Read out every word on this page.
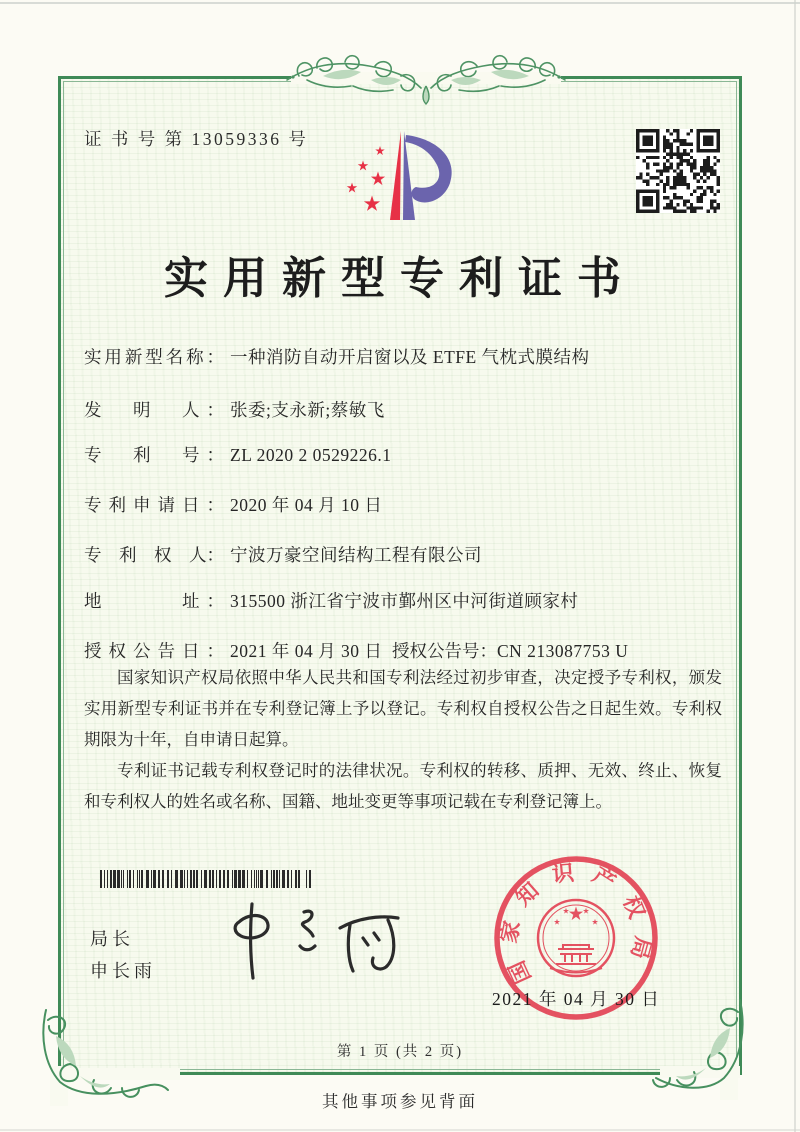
证 书 号 第 13059336 号
实用新型专利证书
实用新型名称： 一种消防自动开启窗以及 ETFE 气枕式膜结构
发　明　人： 张委;支永新;蔡敏飞
专　利　号： ZL 2020 2 0529226.1
专利申请日： 2020 年 04 月 10 日
专　利　权　人： 宁波万豪空间结构工程有限公司
地　　　址： 315500 浙江省宁波市鄞州区中河街道顾家村
授权公告日： 2021 年 04 月 30 日 授权公告号：CN 213087753 U

国家知识产权局依照中华人民共和国专利法经过初步审查，决定授予专利权，颁发实用新型专利证书并在专利登记簿上予以登记。专利权自授权公告之日起生效。专利权期限为十年，自申请日起算。

专利证书记载专利权登记时的法律状况。专利权的转移、质押、无效、终止、恢复和专利权人的姓名或名称、国籍、地址变更等事项记载在专利登记簿上。

局长
申长雨	国家知识产权局
2021 年 04 月 30 日
第 1 页 (共 2 页)
其他事项参见背面
